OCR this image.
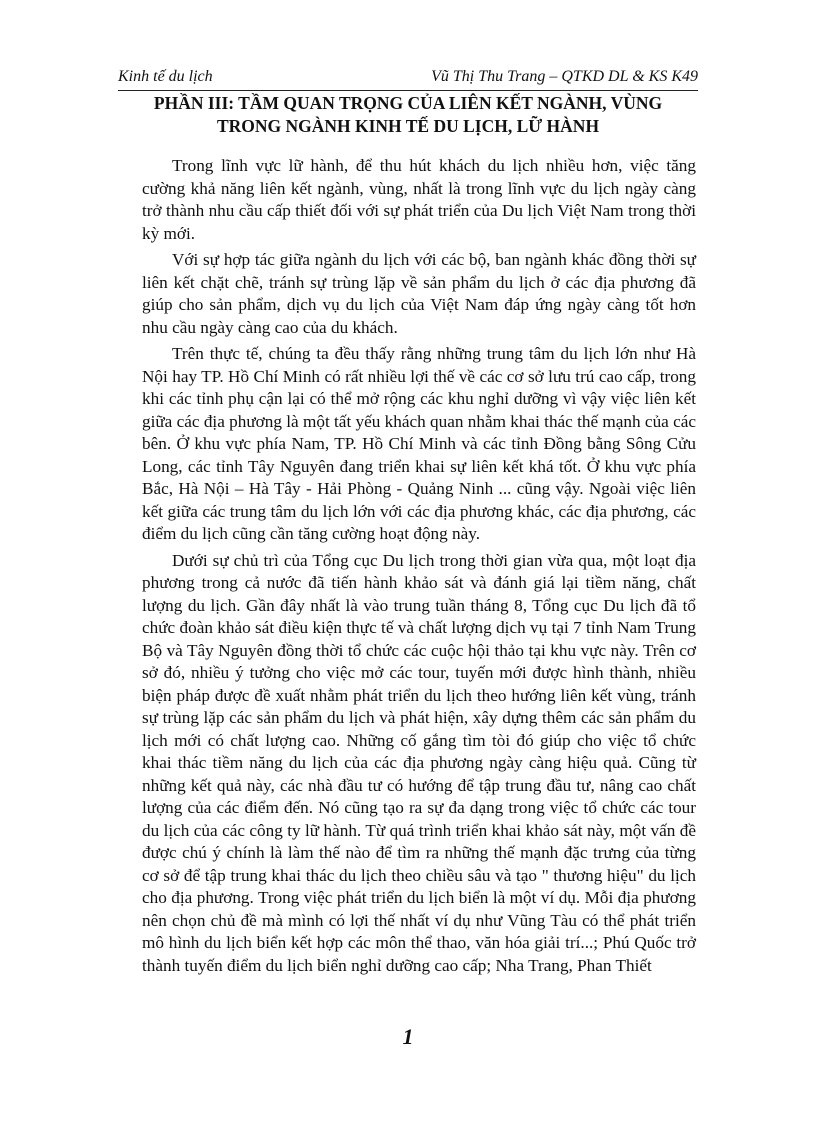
Kinh tế du lịch	Vũ Thị Thu Trang – QTKD DL & KS K49
PHẦN III: TẦM QUAN TRỌNG CỦA LIÊN KẾT NGÀNH, VÙNG
TRONG NGÀNH KINH TẾ DU LỊCH, LỮ HÀNH

Trong lĩnh vực lữ hành, để thu hút khách du lịch nhiều hơn, việc tăng cường khả năng liên kết ngành, vùng, nhất là trong lĩnh vực du lịch ngày càng trở thành nhu cầu cấp thiết đối với sự phát triển của Du lịch Việt Nam trong thời kỳ mới.

Với sự hợp tác giữa ngành du lịch với các bộ, ban ngành khác đồng thời sự liên kết chặt chẽ, tránh sự trùng lặp về sản phẩm du lịch ở các địa phương đã giúp cho sản phẩm, dịch vụ du lịch của Việt Nam đáp ứng ngày càng tốt hơn nhu cầu ngày càng cao của du khách.

Trên thực tế, chúng ta đều thấy rằng những trung tâm du lịch lớn như Hà Nội hay TP. Hồ Chí Minh có rất nhiều lợi thế về các cơ sở lưu trú cao cấp, trong khi các tỉnh phụ cận lại có thể mở rộng các khu nghỉ dưỡng vì vậy việc liên kết giữa các địa phương là một tất yếu khách quan nhằm khai thác thế mạnh của các bên. Ở khu vực phía Nam, TP. Hồ Chí Minh và các tỉnh Đồng bằng Sông Cửu Long, các tỉnh Tây Nguyên đang triển khai sự liên kết khá tốt. Ở khu vực phía Bắc, Hà Nội – Hà Tây - Hải Phòng - Quảng Ninh ... cũng vậy. Ngoài việc liên kết giữa các trung tâm du lịch lớn với các địa phương khác, các địa phương, các điểm du lịch cũng cần tăng cường hoạt động này.

Dưới sự chủ trì của Tổng cục Du lịch trong thời gian vừa qua, một loạt địa phương trong cả nước đã tiến hành khảo sát và đánh giá lại tiềm năng, chất lượng du lịch. Gần đây nhất là vào trung tuần tháng 8, Tổng cục Du lịch đã tổ chức đoàn khảo sát điều kiện thực tế và chất lượng dịch vụ tại 7 tỉnh Nam Trung Bộ và Tây Nguyên đồng thời tổ chức các cuộc hội thảo tại khu vực này. Trên cơ sở đó, nhiều ý tưởng cho việc mở các tour, tuyến mới được hình thành, nhiều biện pháp được đề xuất nhằm phát triển du lịch theo hướng liên kết vùng, tránh sự trùng lặp các sản phẩm du lịch và phát hiện, xây dựng thêm các sản phẩm du lịch mới có chất lượng cao. Những cố gắng tìm tòi đó giúp cho việc tổ chức khai thác tiềm năng du lịch của các địa phương ngày càng hiệu quả. Cũng từ những kết quả này, các nhà đầu tư có hướng để tập trung đầu tư, nâng cao chất lượng của các điểm đến. Nó cũng tạo ra sự đa dạng trong việc tổ chức các tour du lịch của các công ty lữ hành. Từ quá trình triển khai khảo sát này, một vấn đề được chú ý chính là làm thế nào để tìm ra những thế mạnh đặc trưng của từng cơ sở để tập trung khai thác du lịch theo chiều sâu và tạo " thương hiệu" du lịch cho địa phương. Trong việc phát triển du lịch biển là một ví dụ. Mỗi địa phương nên chọn chủ đề mà mình có lợi thế nhất ví dụ như Vũng Tàu có thể phát triển mô hình du lịch biển kết hợp các môn thể thao, văn hóa giải trí...; Phú Quốc trở thành tuyến điểm du lịch biển nghỉ dưỡng cao cấp; Nha Trang, Phan Thiết

1
